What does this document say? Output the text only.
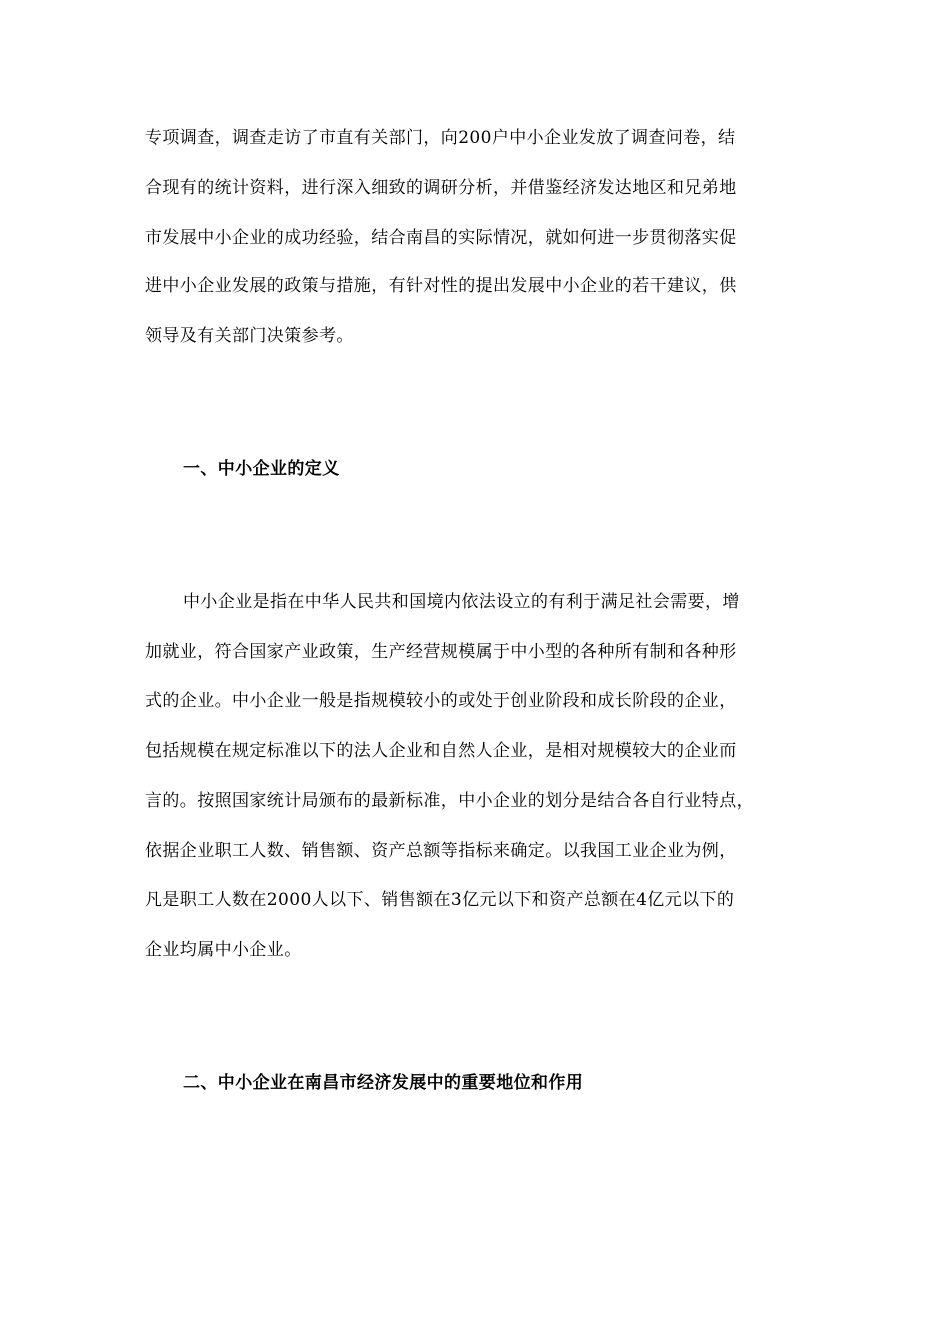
专项调查，调查走访了市直有关部门，向200户中小企业发放了调查问卷，结
合现有的统计资料，进行深入细致的调研分析，并借鉴经济发达地区和兄弟地
市发展中小企业的成功经验，结合南昌的实际情况，就如何进一步贯彻落实促
进中小企业发展的政策与措施，有针对性的提出发展中小企业的若干建议，供
领导及有关部门决策参考。
一、中小企业的定义
中小企业是指在中华人民共和国境内依法设立的有利于满足社会需要，增
加就业，符合国家产业政策，生产经营规模属于中小型的各种所有制和各种形
式的企业。中小企业一般是指规模较小的或处于创业阶段和成长阶段的企业，
包括规模在规定标准以下的法人企业和自然人企业，是相对规模较大的企业而
言的。按照国家统计局颁布的最新标准，中小企业的划分是结合各自行业特点，
依据企业职工人数、销售额、资产总额等指标来确定。以我国工业企业为例，
凡是职工人数在2000人以下、销售额在3亿元以下和资产总额在4亿元以下的
企业均属中小企业。
二、中小企业在南昌市经济发展中的重要地位和作用
